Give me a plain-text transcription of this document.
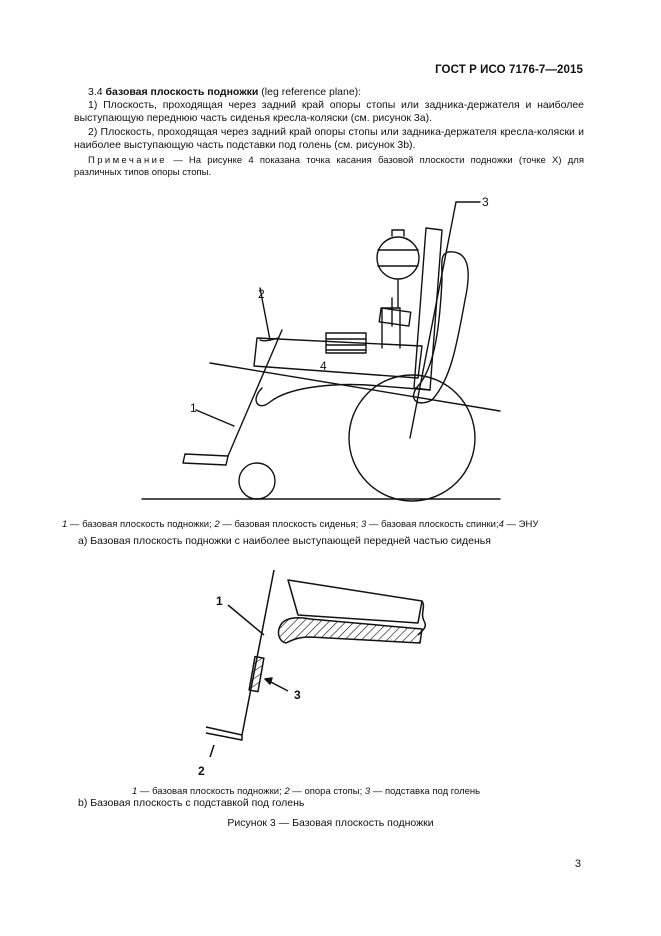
ГОСТ Р ИСО 7176-7—2015

3.4 базовая плоскость подножки (leg reference plane):

1) Плоскость, проходящая через задний край опоры стопы или задника-держателя и наиболее выступающую переднюю часть сиденья кресла-коляски (см. рисунок 3а).

2) Плоскость, проходящая через задний край опоры стопы или задника-держателя кресла-коляски и наиболее выступающую часть подставки под голень (см. рисунок 3b).

Примечание — На рисунке 4 показана точка касания базовой плоскости подножки (точке X) для различных типов опоры стопы.

2
3
4
1
1 — базовая плоскость подножки; 2 — базовая плоскость сиденья; 3 — базовая плоскость спинки;4 — ЭНУ
а) Базовая плоскость подножки с наиболее выступающей передней частью сиденья
1
2
3
1 — базовая плоскость подножки; 2 — опора стопы; 3 — подставка под голень
b) Базовая плоскость с подставкой под голень
Рисунок 3 — Базовая плоскость подножки
3
